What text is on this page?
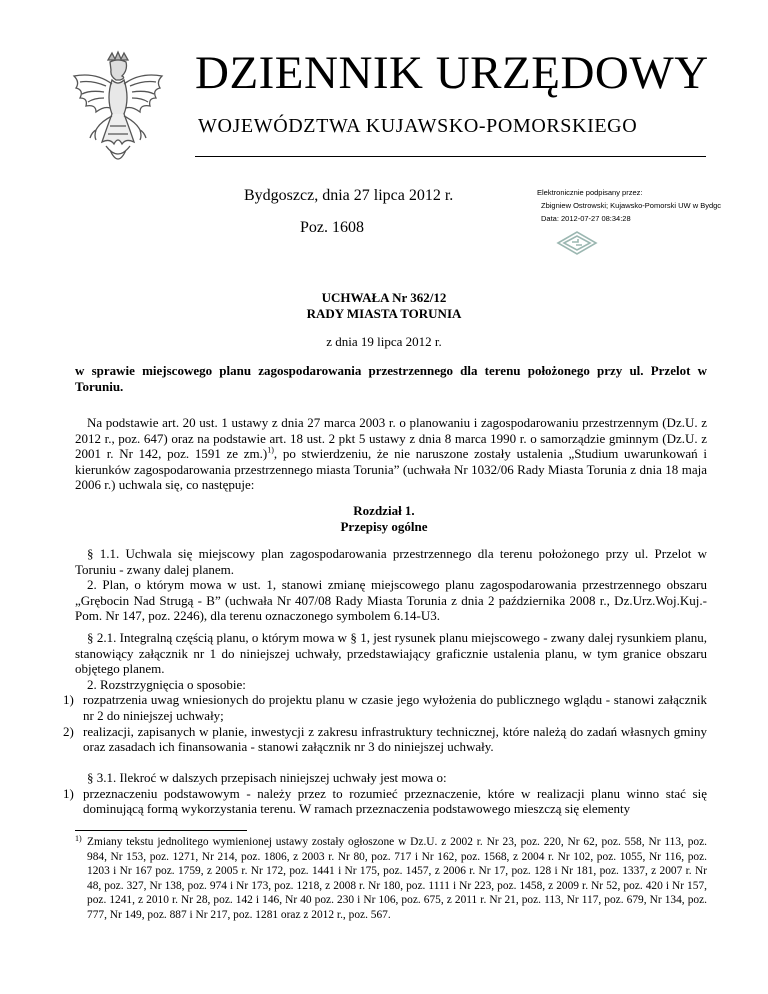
DZIENNIK URZĘDOWY
WOJEWÓDZTWA KUJAWSKO-POMORSKIEGO
Bydgoszcz, dnia 27 lipca 2012 r.
Poz. 1608
Elektronicznie podpisany przez:
Zbigniew Ostrowski; Kujawsko-Pomorski UW w Bydgc
Data: 2012-07-27 08:34:28
UCHWAŁA Nr 362/12
RADY MIASTA TORUNIA
z dnia 19 lipca 2012 r.
w sprawie miejscowego planu zagospodarowania przestrzennego dla terenu położonego przy ul. Przelot w Toruniu.

Na podstawie art. 20 ust. 1 ustawy z dnia 27 marca 2003 r. o planowaniu i zagospodarowaniu przestrzennym (Dz.U. z 2012 r., poz. 647) oraz na podstawie art. 18 ust. 2 pkt 5 ustawy z dnia 8 marca 1990 r. o samorządzie gminnym (Dz.U. z 2001 r. Nr 142, poz. 1591 ze zm.)$^{1)}$, po stwierdzeniu, że nie naruszone zostały ustalenia „Studium uwarunkowań i kierunków zagospodarowania przestrzennego miasta Torunia” (uchwała Nr 1032/06 Rady Miasta Torunia z dnia 18 maja 2006 r.) uchwala się, co następuje:

Rozdział 1.
Przepisy ogólne

§ 1.1. Uchwala się miejscowy plan zagospodarowania przestrzennego dla terenu położonego przy ul. Przelot w Toruniu - zwany dalej planem.

2. Plan, o którym mowa w ust. 1, stanowi zmianę miejscowego planu zagospodarowania przestrzennego obszaru „Grębocin Nad Strugą - B” (uchwała Nr 407/08 Rady Miasta Torunia z dnia 2 października 2008 r., Dz.Urz.Woj.Kuj.-Pom. Nr 147, poz. 2246), dla terenu oznaczonego symbolem 6.14-U3.

§ 2.1. Integralną częścią planu, o którym mowa w § 1, jest rysunek planu miejscowego - zwany dalej rysunkiem planu, stanowiący załącznik nr 1 do niniejszej uchwały, przedstawiający graficznie ustalenia planu, w tym granice obszaru objętego planem.

2. Rozstrzygnięcia o sposobie:

1) rozpatrzenia uwag wniesionych do projektu planu w czasie jego wyłożenia do publicznego wglądu - stanowi załącznik nr 2 do niniejszej uchwały;
2) realizacji, zapisanych w planie, inwestycji z zakresu infrastruktury technicznej, które należą do zadań własnych gminy oraz zasadach ich finansowania - stanowi załącznik nr 3 do niniejszej uchwały.

§ 3.1. Ilekroć w dalszych przepisach niniejszej uchwały jest mowa o:

1) przeznaczeniu podstawowym - należy przez to rozumieć przeznaczenie, które w realizacji planu winno stać się dominującą formą wykorzystania terenu. W ramach przeznaczenia podstawowego mieszczą się elementy
1) Zmiany tekstu jednolitego wymienionej ustawy zostały ogłoszone w Dz.U. z 2002 r. Nr 23, poz. 220, Nr 62, poz. 558, Nr 113, poz. 984, Nr 153, poz. 1271, Nr 214, poz. 1806, z 2003 r. Nr 80, poz. 717 i Nr 162, poz. 1568, z 2004 r. Nr 102, poz. 1055, Nr 116, poz. 1203 i Nr 167 poz. 1759, z 2005 r. Nr 172, poz. 1441 i Nr 175, poz. 1457, z 2006 r. Nr 17, poz. 128 i Nr 181, poz. 1337, z 2007 r. Nr 48, poz. 327, Nr 138, poz. 974 i Nr 173, poz. 1218, z 2008 r. Nr 180, poz. 1111 i Nr 223, poz. 1458, z 2009 r. Nr 52, poz. 420 i Nr 157, poz. 1241, z 2010 r. Nr 28, poz. 142 i 146, Nr 40 poz. 230 i Nr 106, poz. 675, z 2011 r. Nr 21, poz. 113, Nr 117, poz. 679, Nr 134, poz. 777, Nr 149, poz. 887 i Nr 217, poz. 1281 oraz z 2012 r., poz. 567.
